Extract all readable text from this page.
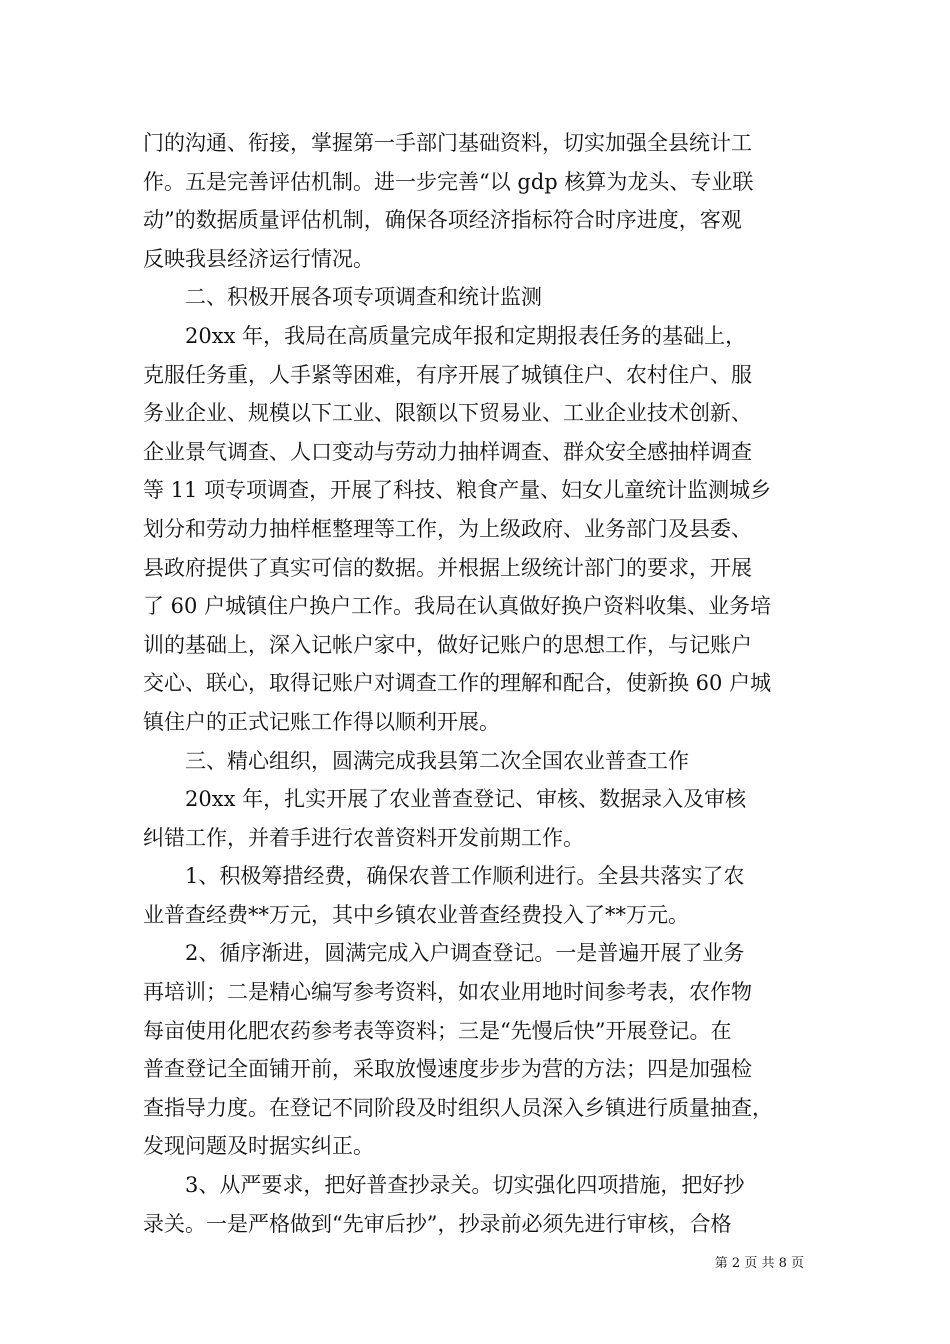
门的沟通、衔接，掌握第一手部门基础资料，切实加强全县统计工
作。五是完善评估机制。进一步完善“以 gdp 核算为龙头、专业联
动”的数据质量评估机制，确保各项经济指标符合时序进度，客观
反映我县经济运行情况。
二、积极开展各项专项调查和统计监测
20xx 年，我局在高质量完成年报和定期报表任务的基础上，
克服任务重，人手紧等困难，有序开展了城镇住户、农村住户、服
务业企业、规模以下工业、限额以下贸易业、工业企业技术创新、
企业景气调查、人口变动与劳动力抽样调查、群众安全感抽样调查
等 11 项专项调查，开展了科技、粮食产量、妇女儿童统计监测城乡
划分和劳动力抽样框整理等工作，为上级政府、业务部门及县委、
县政府提供了真实可信的数据。并根据上级统计部门的要求，开展
了 60 户城镇住户换户工作。我局在认真做好换户资料收集、业务培
训的基础上，深入记帐户家中，做好记账户的思想工作，与记账户
交心、联心，取得记账户对调查工作的理解和配合，使新换 60 户城
镇住户的正式记账工作得以顺利开展。
三、精心组织，圆满完成我县第二次全国农业普查工作
20xx 年，扎实开展了农业普查登记、审核、数据录入及审核
纠错工作，并着手进行农普资料开发前期工作。
1、积极筹措经费，确保农普工作顺利进行。全县共落实了农
业普查经费**万元，其中乡镇农业普查经费投入了**万元。
2、循序渐进，圆满完成入户调查登记。一是普遍开展了业务
再培训；二是精心编写参考资料，如农业用地时间参考表，农作物
每亩使用化肥农药参考表等资料；三是“先慢后快”开展登记。在
普查登记全面铺开前，采取放慢速度步步为营的方法；四是加强检
查指导力度。在登记不同阶段及时组织人员深入乡镇进行质量抽查，
发现问题及时据实纠正。
3、从严要求，把好普查抄录关。切实强化四项措施，把好抄
录关。一是严格做到“先审后抄”，抄录前必须先进行审核，合格
第 2 页 共 8 页
